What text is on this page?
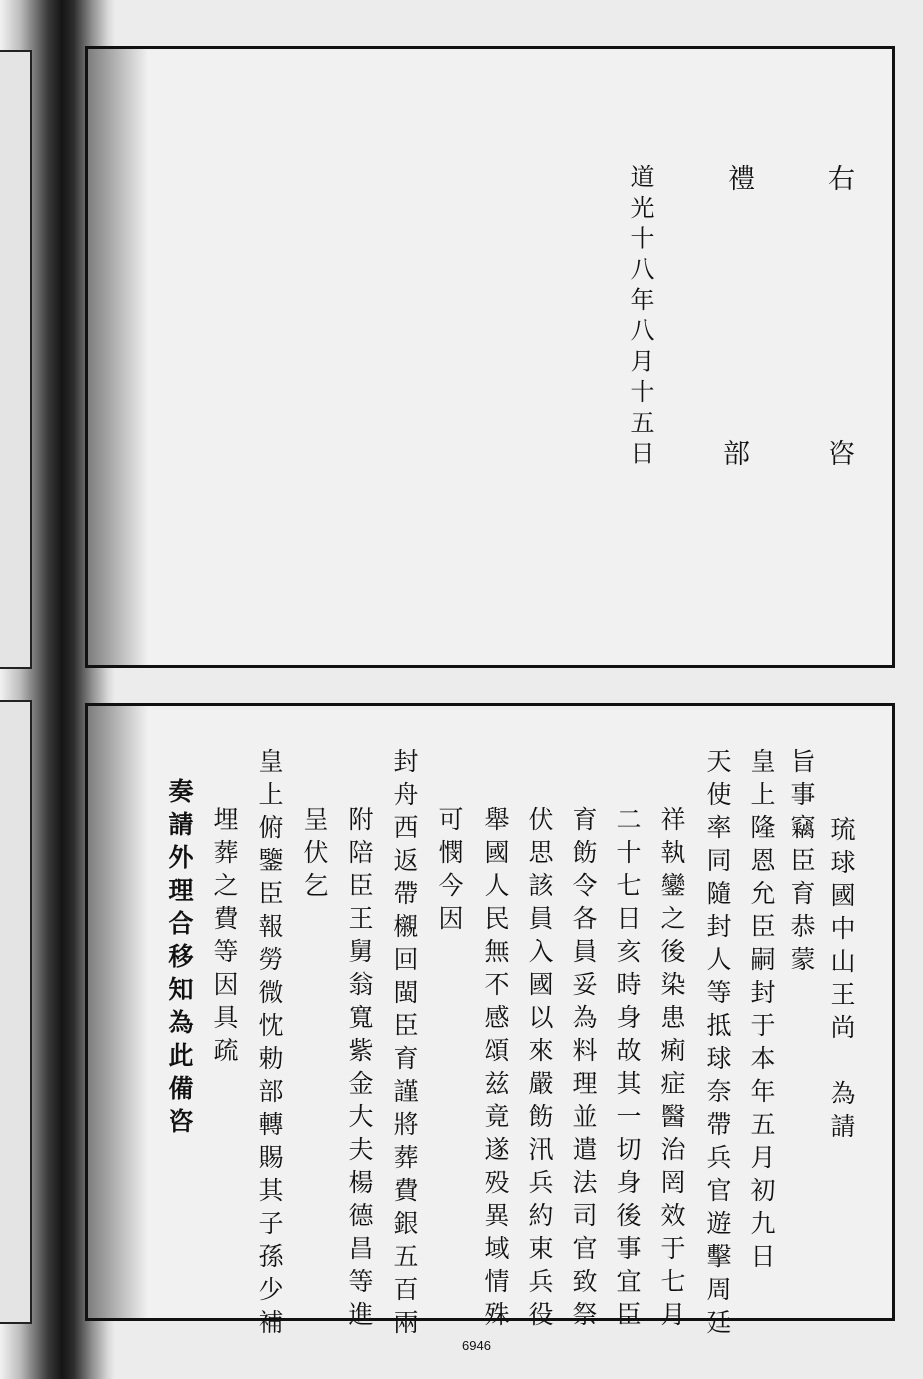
右
禮
道光十八年八月十五日	咨
部
琉球國中山王尚　為請
旨事竊臣育恭蒙
皇上隆恩允臣嗣封于本年五月初九日
天使率同隨封人等抵球奈帶兵官遊擊周廷
祥執鑾之後染患痢症醫治罔效于七月
二十七日亥時身故其一切身後事宜臣
育飭令各員妥為料理並遣法司官致祭
伏思該員入國以來嚴飭汛兵約束兵役
舉國人民無不感頌兹竟遂殁異域情殊
可憫今因
封舟西返帶櫬回閩臣育謹將葬費銀五百兩
附陪臣王舅翁寬紫金大夫楊德昌等進
呈伏乞
皇上俯鑒臣報勞微忱勅部轉賜其子孫少補
埋葬之費等因具疏
奏請外理合移知為此備咨
6946
